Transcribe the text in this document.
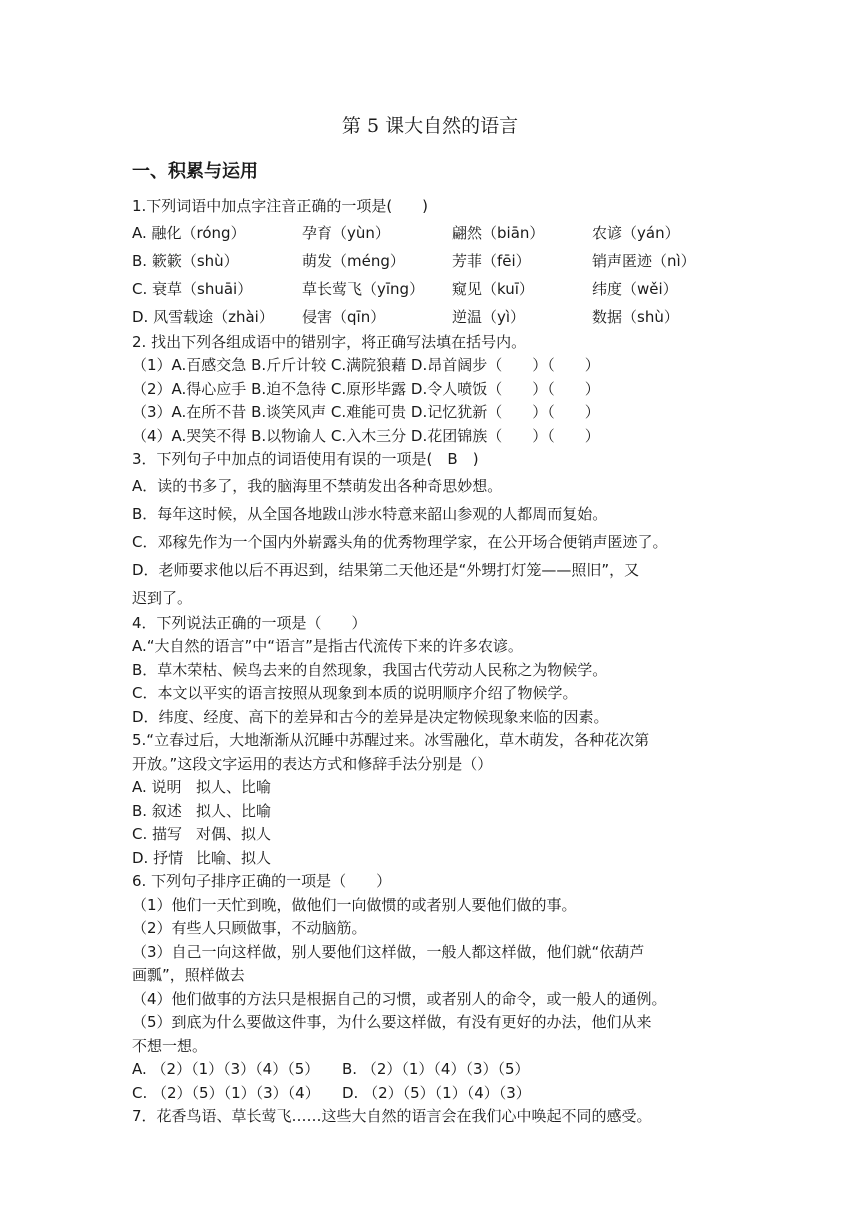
第 5 课大自然的语言
一、积累与运用
1.下列词语中加点字注音正确的一项是(　　)
A. 融化（róng）	孕育（yùn）	翩然（biān）	农谚（yán）
B. 簌簌（shù）	萌发（méng）	芳菲（fēi）	销声匿迹（nì）
C. 衰草（shuāi）	草长莺飞（yīng）	窥见（kuī）	纬度（wěi）
D. 风雪载途（zhài）	侵害（qīn）	逆温（yì）	数据（shù）
2. 找出下列各组成语中的错别字，将正确写法填在括号内。
（1）A.百感交急 B.斤斤计较 C.满院狼藉 D.昂首阔步（　　）（　　）
（2）A.得心应手 B.迫不急待 C.原形毕露 D.令人喷饭（　　）（　　）
（3）A.在所不昔 B.谈笑风声 C.难能可贵 D.记忆犹新（　　）（　　）
（4）A.哭笑不得 B.以物谕人 C.入木三分 D.花团锦族（　　）（　　）
3．下列句子中加点的词语使用有误的一项是(　B　)
A．读的书多了，我的脑海里不禁萌发出各种奇思妙想。
B．每年这时候，从全国各地跋山涉水特意来韶山参观的人都周而复始。
C．邓稼先作为一个国内外崭露头角的优秀物理学家，在公开场合便销声匿迹了。
D．老师要求他以后不再迟到，结果第二天他还是“外甥打灯笼——照旧”，又
迟到了。
4．下列说法正确的一项是（　　）
A.“大自然的语言”中“语言”是指古代流传下来的许多农谚。
B．草木荣枯、候鸟去来的自然现象，我国古代劳动人民称之为物候学。
C．本文以平实的语言按照从现象到本质的说明顺序介绍了物候学。
D．纬度、经度、高下的差异和古今的差异是决定物候现象来临的因素。
5.“立春过后，大地渐渐从沉睡中苏醒过来。冰雪融化，草木萌发，各种花次第
开放。”这段文字运用的表达方式和修辞手法分别是（）
A. 说明 拟人、比喻
B. 叙述 拟人、比喻
C. 描写 对偶、拟人
D. 抒情 比喻、拟人
6. 下列句子排序正确的一项是（　　）
（1）他们一天忙到晚，做他们一向做惯的或者别人要他们做的事。
（2）有些人只顾做事，不动脑筋。
（3）自己一向这样做，别人要他们这样做，一般人都这样做，他们就“依葫芦
画瓢”，照样做去
（4）他们做事的方法只是根据自己的习惯，或者别人的命令，或一般人的通例。
（5）到底为什么要做这件事，为什么要这样做，有没有更好的办法，他们从来
不想一想。
A. （2）（1）（3）（4）（5）	B. （2）（1）（4）（3）（5）
C. （2）（5）（1）（3）（4）	D. （2）（5）（1）（4）（3）
7．花香鸟语、草长莺飞……这些大自然的语言会在我们心中唤起不同的感受。
